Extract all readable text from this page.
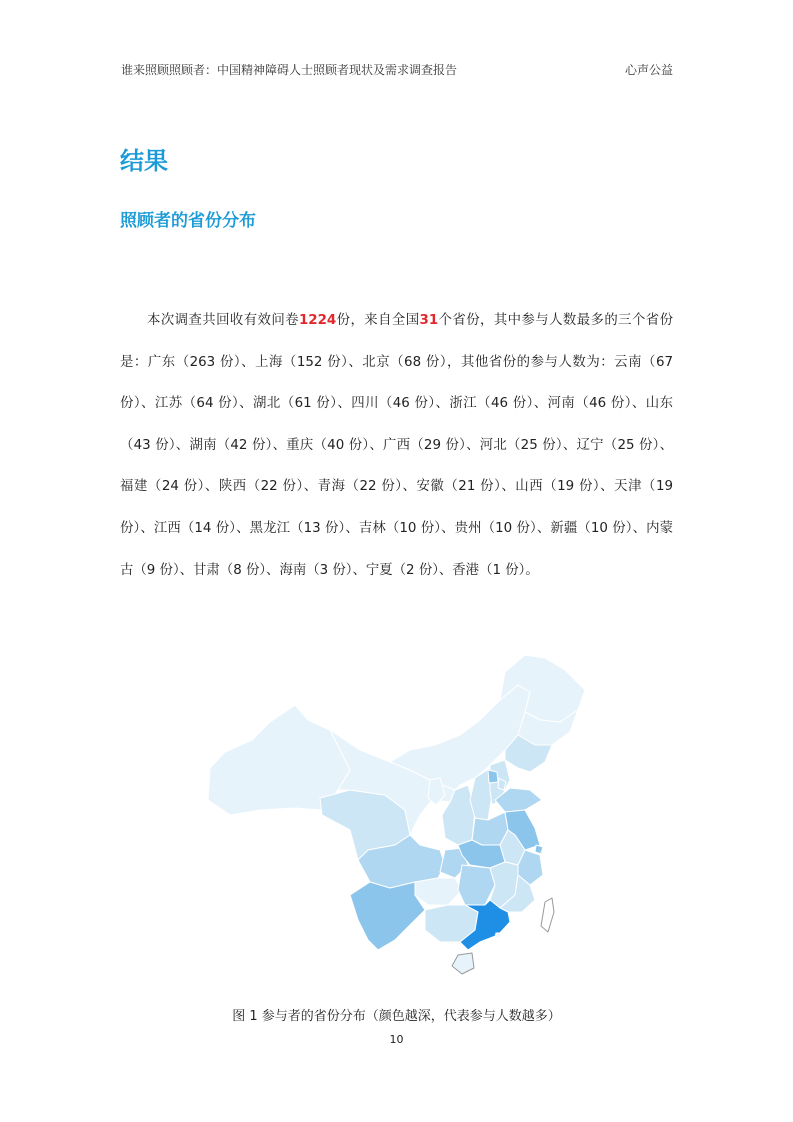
谁来照顾照顾者：中国精神障碍人士照顾者现状及需求调查报告	心声公益
结果
照顾者的省份分布

本次调查共回收有效问卷1224份，来自全国31个省份，其中参与人数最多的三个省份是：广东（263 份）、上海（152 份）、北京（68 份），其他省份的参与人数为：云南（67 份）、江苏（64 份）、湖北（61 份）、四川（46 份）、浙江（46 份）、河南（46 份）、山东（43 份）、湖南（42 份）、重庆（40 份）、广西（29 份）、河北（25 份）、辽宁（25 份）、福建（24 份）、陕西（22 份）、青海（22 份）、安徽（21 份）、山西（19 份）、天津（19 份）、江西（14 份）、黑龙江（13 份）、吉林（10 份）、贵州（10 份）、新疆（10 份）、内蒙古（9 份）、甘肃（8 份）、海南（3 份）、宁夏（2 份）、香港（1 份）。

图 1 参与者的省份分布（颜色越深，代表参与人数越多）
10
